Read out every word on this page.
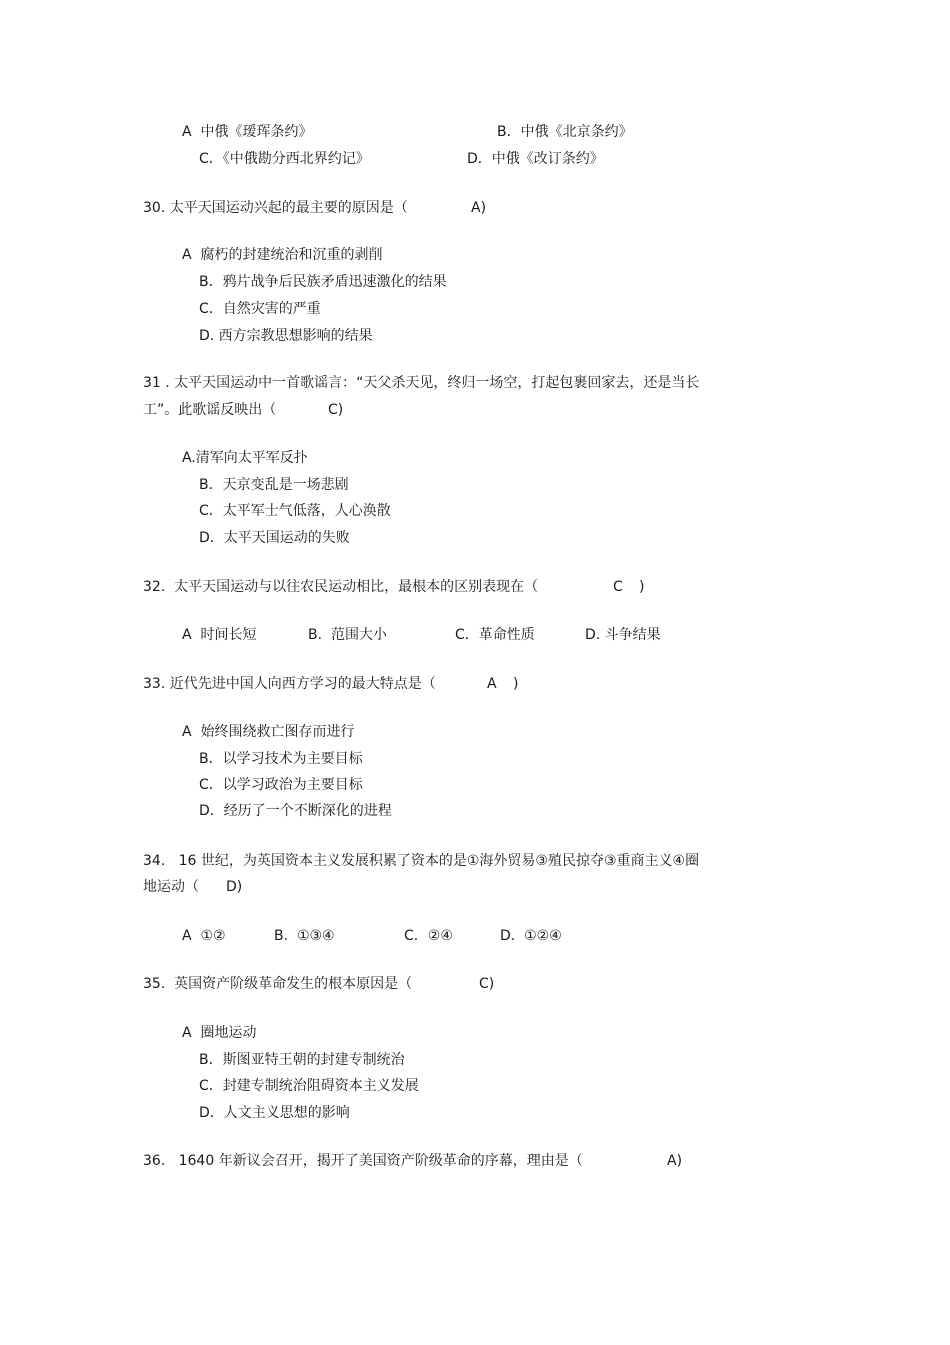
A  中俄《瑷珲条约》	B．中俄《北京条约》
C．《中俄勘分西北界约记》	D．中俄《改订条约》
30. 太平天国运动兴起的最主要的原因是（	A)
A  腐朽的封建统治和沉重的剥削
B．鸦片战争后民族矛盾迅速激化的结果
C．自然灾害的严重
D. 西方宗教思想影响的结果
31 . 太平天国运动中一首歌谣言：“天父杀天见，终归一场空，打起包裹回家去，还是当长
工”。此歌谣反映出（	C)
A.清军向太平军反扑
B．天京变乱是一场悲剧
C．太平军士气低落，人心涣散
D．太平天国运动的失败
32.  太平天国运动与以往农民运动相比，最根本的区别表现在（	C )
A  时间长短	B.  范围大小	C．革命性质	D. 斗争结果
33. 近代先进中国人向西方学习的最大特点是（	A )
A  始终围绕救亡图存而进行
B．以学习技术为主要目标
C．以学习政治为主要目标
D．经历了一个不断深化的进程
34.   16 世纪，为英国资本主义发展积累了资本的是①海外贸易③殖民掠夺③重商主义④圈
地运动（ D)
A  ①②	B.  ①③④	C．②④	D.  ①②④
35.  英国资产阶级革命发生的根本原因是（	C)
A  圈地运动
B．斯图亚特王朝的封建专制统治
C．封建专制统治阻碍资本主义发展
D．人文主义思想的影响
36.   1640 年新议会召开，揭开了美国资产阶级革命的序幕，理由是（	A)
